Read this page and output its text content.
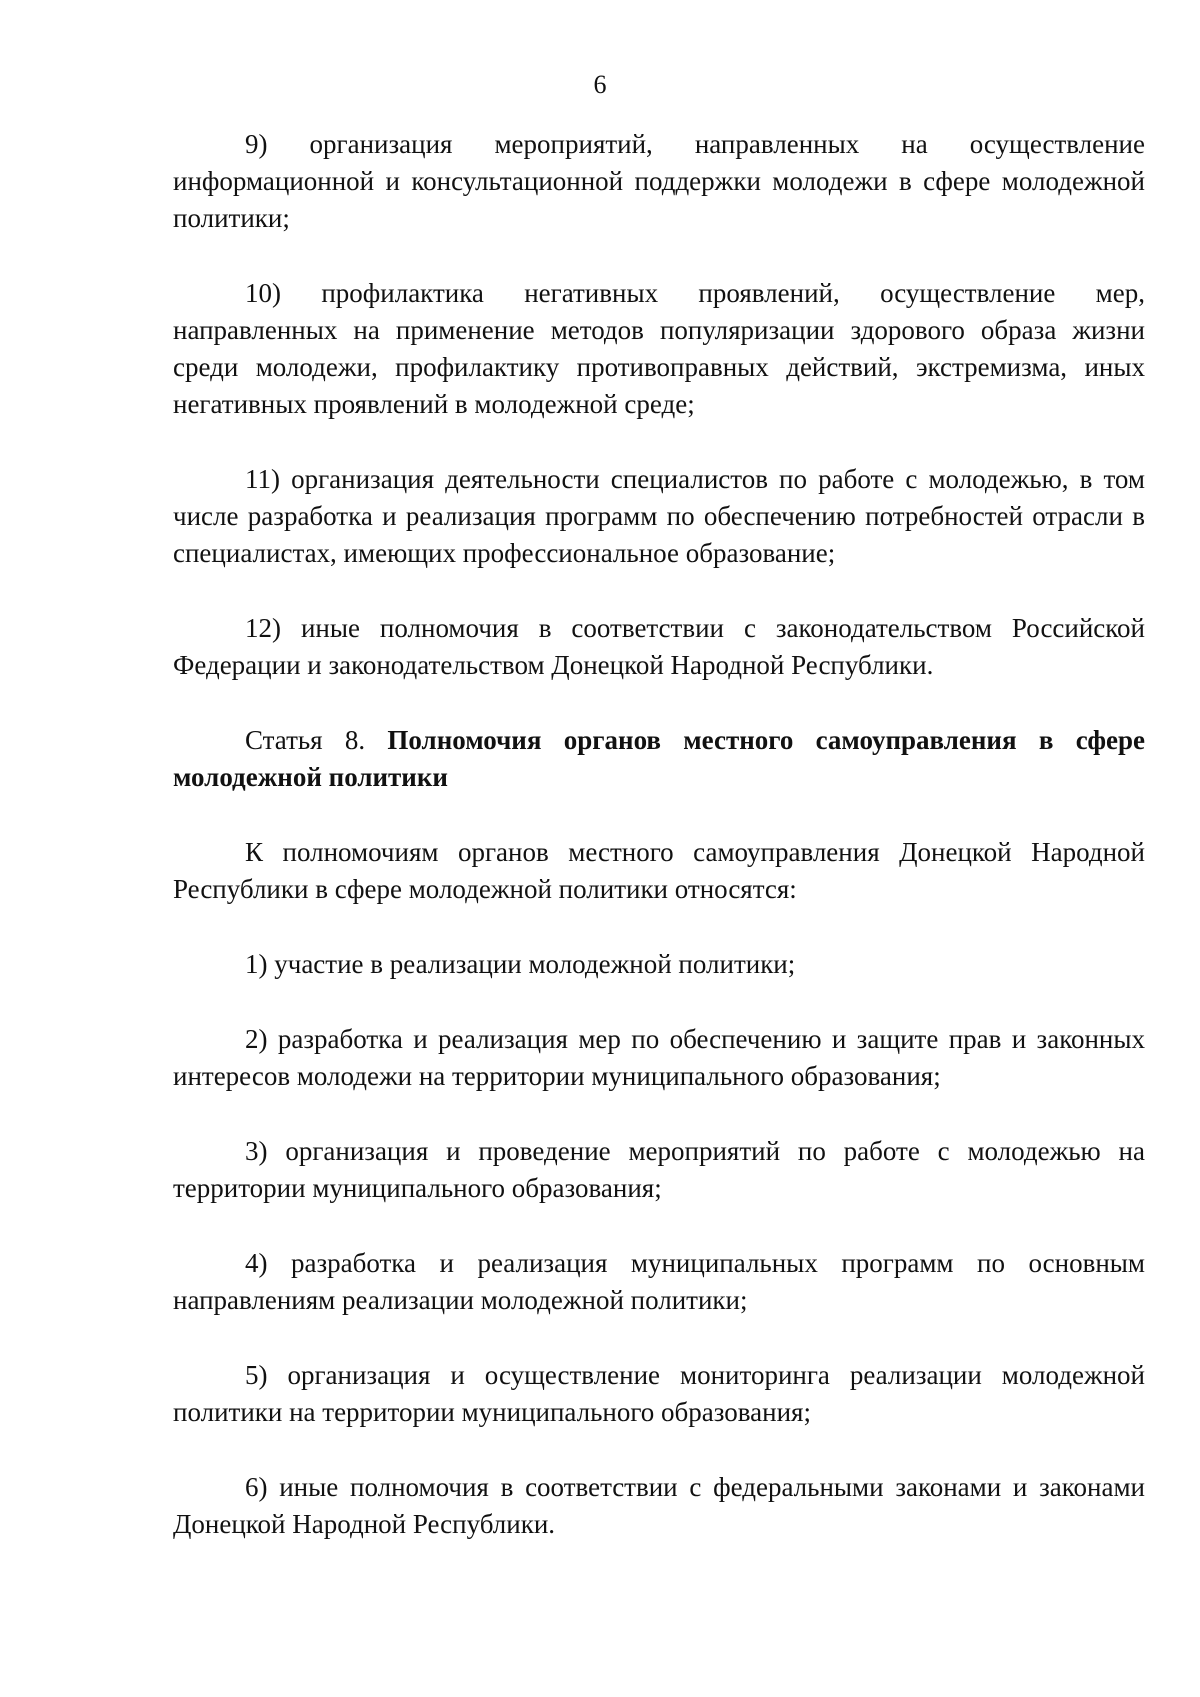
6

9) организация мероприятий, направленных на осуществление информационной и консультационной поддержки молодежи в сфере молодежной политики;

10) профилактика негативных проявлений, осуществление мер, направленных на применение методов популяризации здорового образа жизни среди молодежи, профилактику противоправных действий, экстремизма, иных негативных проявлений в молодежной среде;

11) организация деятельности специалистов по работе с молодежью, в том числе разработка и реализация программ по обеспечению потребностей отрасли в специалистах, имеющих профессиональное образование;

12) иные полномочия в соответствии с законодательством Российской Федерации и законодательством Донецкой Народной Республики.

Статья 8. Полномочия органов местного самоуправления в сфере молодежной политики

К полномочиям органов местного самоуправления Донецкой Народной Республики в сфере молодежной политики относятся:

1) участие в реализации молодежной политики;

2) разработка и реализация мер по обеспечению и защите прав и законных интересов молодежи на территории муниципального образования;

3) организация и проведение мероприятий по работе с молодежью на территории муниципального образования;

4) разработка и реализация муниципальных программ по основным направлениям реализации молодежной политики;

5) организация и осуществление мониторинга реализации молодежной политики на территории муниципального образования;

6) иные полномочия в соответствии с федеральными законами и законами Донецкой Народной Республики.
